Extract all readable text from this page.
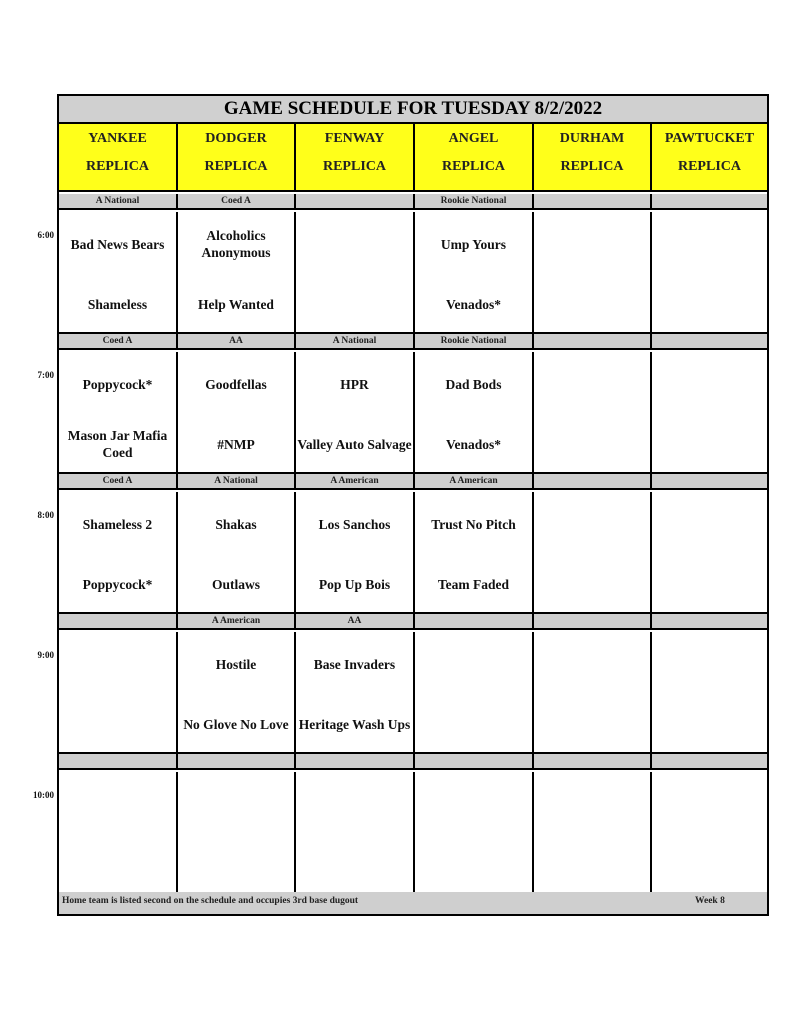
GAME SCHEDULE FOR TUESDAY 8/2/2022
YANKEE
REPLICA
DODGER
REPLICA
FENWAY
REPLICA
ANGEL
REPLICA
DURHAM
REPLICA
PAWTUCKET
REPLICA
A National
Bad News Bears
Shameless
Coed A
Alcoholics Anonymous
Help Wanted
Rookie National
Ump Yours
Venados*
Coed A
Poppycock*
Mason Jar Mafia Coed
AA
Goodfellas
#NMP
A National
HPR
Valley Auto Salvage
Rookie National
Dad Bods
Venados*
Coed A
Shameless 2
Poppycock*
A National
Shakas
Outlaws
A American
Los Sanchos
Pop Up Bois
A American
Trust No Pitch
Team Faded
A American
Hostile
No Glove No Love
AA
Base Invaders
Heritage Wash Ups
Home team is listed second on the schedule and occupies 3rd base dugout	Week 8
6:00
7:00
8:00
9:00
10:00
